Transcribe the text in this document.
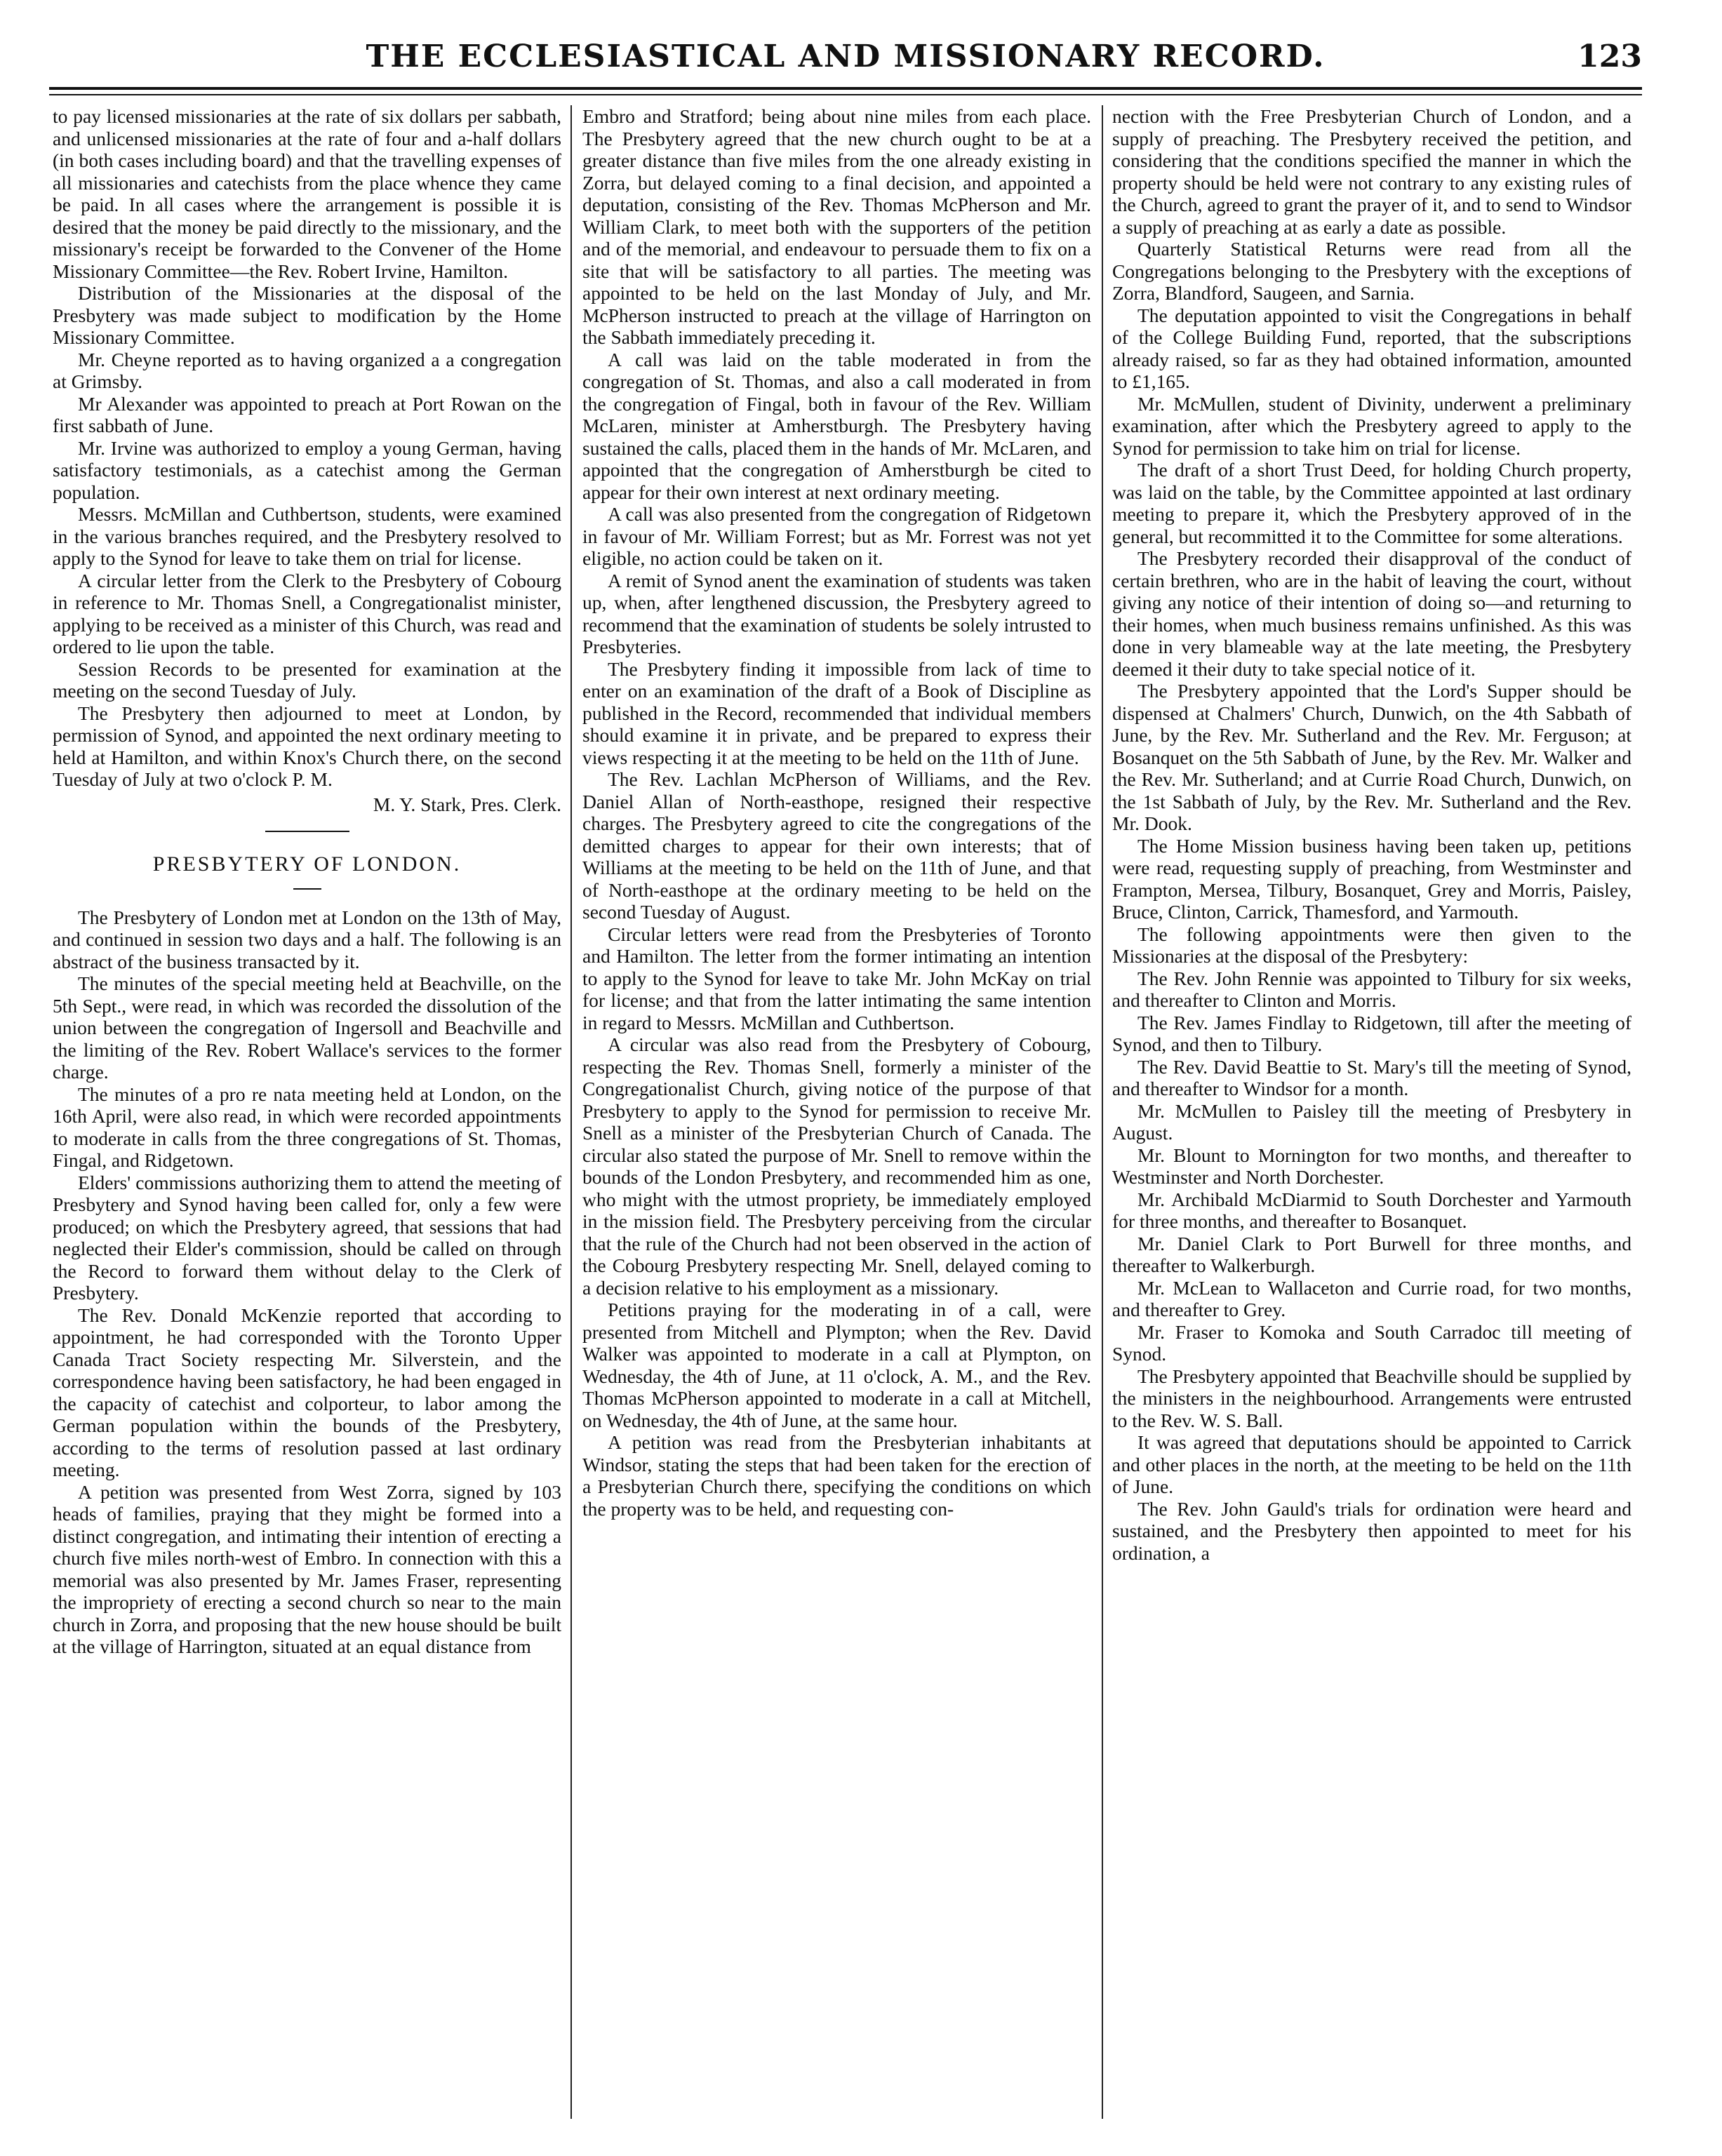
THE ECCLESIASTICAL AND MISSIONARY RECORD.	123

to pay licensed missionaries at the rate of six dollars per sabbath, and unlicensed missionaries at the rate of four and a-half dollars (in both cases including board) and that the travelling expenses of all missionaries and catechists from the place whence they came be paid. In all cases where the arrangement is possible it is desired that the money be paid directly to the missionary, and the missionary's receipt be forwarded to the Convener of the Home Missionary Committee—the Rev. Robert Irvine, Hamilton.

Distribution of the Missionaries at the disposal of the Presbytery was made subject to modification by the Home Missionary Committee.

Mr. Cheyne reported as to having organized a a congregation at Grimsby.

Mr Alexander was appointed to preach at Port Rowan on the first sabbath of June.

Mr. Irvine was authorized to employ a young German, having satisfactory testimonials, as a catechist among the German population.

Messrs. McMillan and Cuthbertson, students, were examined in the various branches required, and the Presbytery resolved to apply to the Synod for leave to take them on trial for license.

A circular letter from the Clerk to the Presbytery of Cobourg in reference to Mr. Thomas Snell, a Congregationalist minister, applying to be received as a minister of this Church, was read and ordered to lie upon the table.

Session Records to be presented for examination at the meeting on the second Tuesday of July.

The Presbytery then adjourned to meet at London, by permission of Synod, and appointed the next ordinary meeting to held at Hamilton, and within Knox's Church there, on the second Tuesday of July at two o'clock P. M.

M. Y. Stark, Pres. Clerk.

PRESBYTERY OF LONDON.

The Presbytery of London met at London on the 13th of May, and continued in session two days and a half. The following is an abstract of the business transacted by it.

The minutes of the special meeting held at Beachville, on the 5th Sept., were read, in which was recorded the dissolution of the union between the congregation of Ingersoll and Beachville and the limiting of the Rev. Robert Wallace's services to the former charge.

The minutes of a pro re nata meeting held at London, on the 16th April, were also read, in which were recorded appointments to moderate in calls from the three congregations of St. Thomas, Fingal, and Ridgetown.

Elders' commissions authorizing them to attend the meeting of Presbytery and Synod having been called for, only a few were produced; on which the Presbytery agreed, that sessions that had neglected their Elder's commission, should be called on through the Record to forward them without delay to the Clerk of Presbytery.

The Rev. Donald McKenzie reported that according to appointment, he had corresponded with the Toronto Upper Canada Tract Society respecting Mr. Silverstein, and the correspondence having been satisfactory, he had been engaged in the capacity of catechist and colporteur, to labor among the German population within the bounds of the Presbytery, according to the terms of resolution passed at last ordinary meeting.

A petition was presented from West Zorra, signed by 103 heads of families, praying that they might be formed into a distinct congregation, and intimating their intention of erecting a church five miles north-west of Embro. In connection with this a memorial was also presented by Mr. James Fraser, representing the impropriety of erecting a second church so near to the main church in Zorra, and proposing that the new house should be built at the village of Harrington, situated at an equal distance from

Embro and Stratford; being about nine miles from each place. The Presbytery agreed that the new church ought to be at a greater distance than five miles from the one already existing in Zorra, but delayed coming to a final decision, and appointed a deputation, consisting of the Rev. Thomas McPherson and Mr. William Clark, to meet both with the supporters of the petition and of the memorial, and endeavour to persuade them to fix on a site that will be satisfactory to all parties. The meeting was appointed to be held on the last Monday of July, and Mr. McPherson instructed to preach at the village of Harrington on the Sabbath immediately preceding it.

A call was laid on the table moderated in from the congregation of St. Thomas, and also a call moderated in from the congregation of Fingal, both in favour of the Rev. William McLaren, minister at Amherstburgh. The Presbytery having sustained the calls, placed them in the hands of Mr. McLaren, and appointed that the congregation of Amherstburgh be cited to appear for their own interest at next ordinary meeting.

A call was also presented from the congregation of Ridgetown in favour of Mr. William Forrest; but as Mr. Forrest was not yet eligible, no action could be taken on it.

A remit of Synod anent the examination of students was taken up, when, after lengthened discussion, the Presbytery agreed to recommend that the examination of students be solely intrusted to Presbyteries.

The Presbytery finding it impossible from lack of time to enter on an examination of the draft of a Book of Discipline as published in the Record, recommended that individual members should examine it in private, and be prepared to express their views respecting it at the meeting to be held on the 11th of June.

The Rev. Lachlan McPherson of Williams, and the Rev. Daniel Allan of North-easthope, resigned their respective charges. The Presbytery agreed to cite the congregations of the demitted charges to appear for their own interests; that of Williams at the meeting to be held on the 11th of June, and that of North-easthope at the ordinary meeting to be held on the second Tuesday of August.

Circular letters were read from the Presbyteries of Toronto and Hamilton. The letter from the former intimating an intention to apply to the Synod for leave to take Mr. John McKay on trial for license; and that from the latter intimating the same intention in regard to Messrs. McMillan and Cuthbertson.

A circular was also read from the Presbytery of Cobourg, respecting the Rev. Thomas Snell, formerly a minister of the Congregationalist Church, giving notice of the purpose of that Presbytery to apply to the Synod for permission to receive Mr. Snell as a minister of the Presbyterian Church of Canada. The circular also stated the purpose of Mr. Snell to remove within the bounds of the London Presbytery, and recommended him as one, who might with the utmost propriety, be immediately employed in the mission field. The Presbytery perceiving from the circular that the rule of the Church had not been observed in the action of the Cobourg Presbytery respecting Mr. Snell, delayed coming to a decision relative to his employment as a missionary.

Petitions praying for the moderating in of a call, were presented from Mitchell and Plympton; when the Rev. David Walker was appointed to moderate in a call at Plympton, on Wednesday, the 4th of June, at 11 o'clock, A. M., and the Rev. Thomas McPherson appointed to moderate in a call at Mitchell, on Wednesday, the 4th of June, at the same hour.

A petition was read from the Presbyterian inhabitants at Windsor, stating the steps that had been taken for the erection of a Presbyterian Church there, specifying the conditions on which the property was to be held, and requesting con-

nection with the Free Presbyterian Church of London, and a supply of preaching. The Presbytery received the petition, and considering that the conditions specified the manner in which the property should be held were not contrary to any existing rules of the Church, agreed to grant the prayer of it, and to send to Windsor a supply of preaching at as early a date as possible.

Quarterly Statistical Returns were read from all the Congregations belonging to the Presbytery with the exceptions of Zorra, Blandford, Saugeen, and Sarnia.

The deputation appointed to visit the Congregations in behalf of the College Building Fund, reported, that the subscriptions already raised, so far as they had obtained information, amounted to £1,165.

Mr. McMullen, student of Divinity, underwent a preliminary examination, after which the Presbytery agreed to apply to the Synod for permission to take him on trial for license.

The draft of a short Trust Deed, for holding Church property, was laid on the table, by the Committee appointed at last ordinary meeting to prepare it, which the Presbytery approved of in the general, but recommitted it to the Committee for some alterations.

The Presbytery recorded their disapproval of the conduct of certain brethren, who are in the habit of leaving the court, without giving any notice of their intention of doing so—and returning to their homes, when much business remains unfinished. As this was done in very blameable way at the late meeting, the Presbytery deemed it their duty to take special notice of it.

The Presbytery appointed that the Lord's Supper should be dispensed at Chalmers' Church, Dunwich, on the 4th Sabbath of June, by the Rev. Mr. Sutherland and the Rev. Mr. Ferguson; at Bosanquet on the 5th Sabbath of June, by the Rev. Mr. Walker and the Rev. Mr. Sutherland; and at Currie Road Church, Dunwich, on the 1st Sabbath of July, by the Rev. Mr. Sutherland and the Rev. Mr. Dook.

The Home Mission business having been taken up, petitions were read, requesting supply of preaching, from Westminster and Frampton, Mersea, Tilbury, Bosanquet, Grey and Morris, Paisley, Bruce, Clinton, Carrick, Thamesford, and Yarmouth.

The following appointments were then given to the Missionaries at the disposal of the Presbytery:

The Rev. John Rennie was appointed to Tilbury for six weeks, and thereafter to Clinton and Morris.

The Rev. James Findlay to Ridgetown, till after the meeting of Synod, and then to Tilbury.

The Rev. David Beattie to St. Mary's till the meeting of Synod, and thereafter to Windsor for a month.

Mr. McMullen to Paisley till the meeting of Presbytery in August.

Mr. Blount to Mornington for two months, and thereafter to Westminster and North Dorchester.

Mr. Archibald McDiarmid to South Dorchester and Yarmouth for three months, and thereafter to Bosanquet.

Mr. Daniel Clark to Port Burwell for three months, and thereafter to Walkerburgh.

Mr. McLean to Wallaceton and Currie road, for two months, and thereafter to Grey.

Mr. Fraser to Komoka and South Carradoc till meeting of Synod.

The Presbytery appointed that Beachville should be supplied by the ministers in the neighbourhood. Arrangements were entrusted to the Rev. W. S. Ball.

It was agreed that deputations should be appointed to Carrick and other places in the north, at the meeting to be held on the 11th of June.

The Rev. John Gauld's trials for ordination were heard and sustained, and the Presbytery then appointed to meet for his ordination, a
